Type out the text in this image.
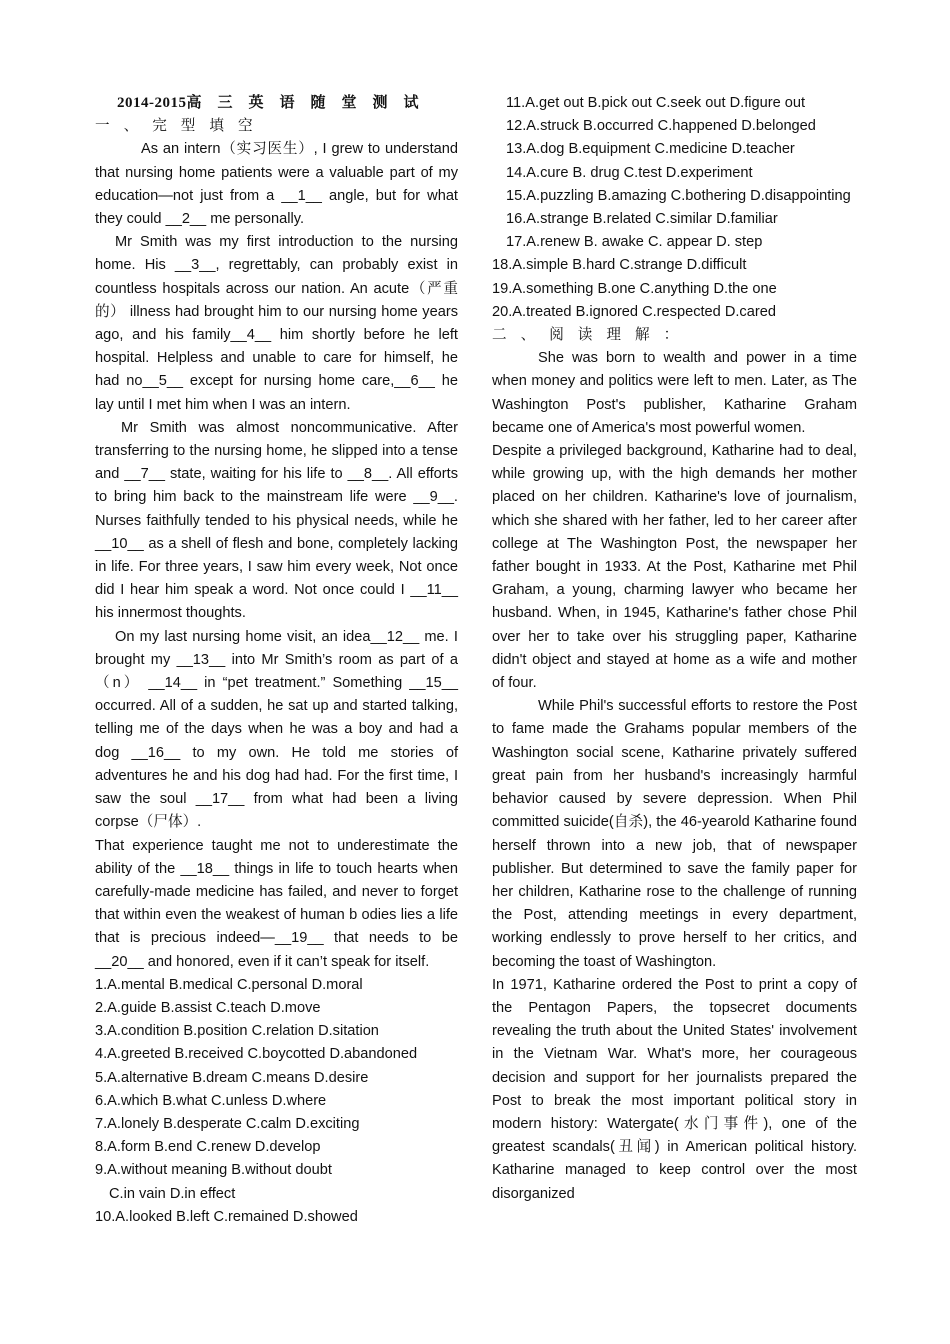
2014-2015高　三　英　语　随　堂　测　试
一、完型填空

As an intern（实习医生）, I grew to understand that nursing home patients were a valuable part of my education—not just from a __1__ angle, but for what they could __2__ me personally.

Mr Smith was my first introduction to the nursing home. His __3__, regrettably, can probably exist in countless hospitals across our nation. An acute（严重的） illness had brought him to our nursing home years ago, and his family__4__ him shortly before he left hospital. Helpless and unable to care for himself, he had no__5__ except for nursing home care,__6__ he lay until I met him when I was an intern.

Mr Smith was almost noncommunicative. After transferring to the nursing home, he slipped into a tense and __7__ state, waiting for his life to __8__. All efforts to bring him back to the mainstream life were __9__. Nurses faithfully tended to his physical needs, while he __10__ as a shell of flesh and bone, completely lacking in life. For three years, I saw him every week, Not once did I hear him speak a word. Not once could I __11__ his innermost thoughts.

On my last nursing home visit, an idea__12__ me. I brought my __13__ into Mr Smith’s room as part of a（n） __14__ in “pet treatment.” Something __15__ occurred. All of a sudden, he sat up and started talking, telling me of the days when he was a boy and had a dog __16__ to my own. He told me stories of adventures he and his dog had had. For the first time, I saw the soul __17__ from what had been a living corpse（尸体）.

That experience taught me not to underestimate the ability of the __18__ things in life to touch hearts when carefully-made medicine has failed, and never to forget that within even the weakest of human b odies lies a life that is precious indeed—__19__ that needs to be __20__ and honored, even if it can’t speak for itself.

1.A.mental B.medical C.personal D.moral
2.A.guide B.assist C.teach D.move
3.A.condition B.position C.relation D.sitation
4.A.greeted B.received C.boycotted D.abandoned
5.A.alternative B.dream C.means D.desire
6.A.which B.what C.unless D.where
7.A.lonely B.desperate C.calm D.exciting
8.A.form B.end C.renew D.develop
9.A.without meaning B.without doubt
C.in vain D.in effect
10.A.looked B.left C.remained D.showed
11.A.get out B.pick out C.seek out D.figure out
12.A.struck B.occurred C.happened D.belonged
13.A.dog B.equipment C.medicine D.teacher
14.A.cure B. drug C.test D.experiment

15.A.puzzling B.amazing C.bothering D.disappointing

16.A.strange B.related C.similar D.familiar
17.A.renew B. awake C. appear D. step
18.A.simple B.hard C.strange D.difficult
19.A.something B.one C.anything D.the one
20.A.treated B.ignored C.respected D.cared
二、阅读理解：

She was born to wealth and power in a time when money and politics were left to men. Later, as The Washington Post's publisher, Katharine Graham became one of America's most powerful women.

Despite a privileged background, Katharine had to deal, while growing up, with the high demands her mother placed on her children. Katharine's love of journalism, which she shared with her father, led to her career after college at The Washington Post, the newspaper her father bought in 1933. At the Post, Katharine met Phil Graham, a young, charming lawyer who became her husband. When, in 1945, Katharine's father chose Phil over her to take over his struggling paper, Katharine didn't object and stayed at home as a wife and mother of four.

While Phil's successful efforts to restore the Post to fame made the Grahams popular members of the Washington social scene, Katharine privately suffered great pain from her husband's increasingly harmful behavior caused by severe depression. When Phil committed suicide(自杀), the 46-yearold Katharine found herself thrown into a new job, that of newspaper publisher. But determined to save the family paper for her children, Katharine rose to the challenge of running the Post, attending meetings in every department, working endlessly to prove herself to her critics, and becoming the toast of Washington.

In 1971, Katharine ordered the Post to print a copy of the Pentagon Papers, the topsecret documents revealing the truth about the United States' involvement in the Vietnam War. What's more, her courageous decision and support for her journalists prepared the Post to break the most important political story in modern history: Watergate(水门事件), one of the greatest scandals(丑闻) in American political history. Katharine managed to keep control over the most disorganized
